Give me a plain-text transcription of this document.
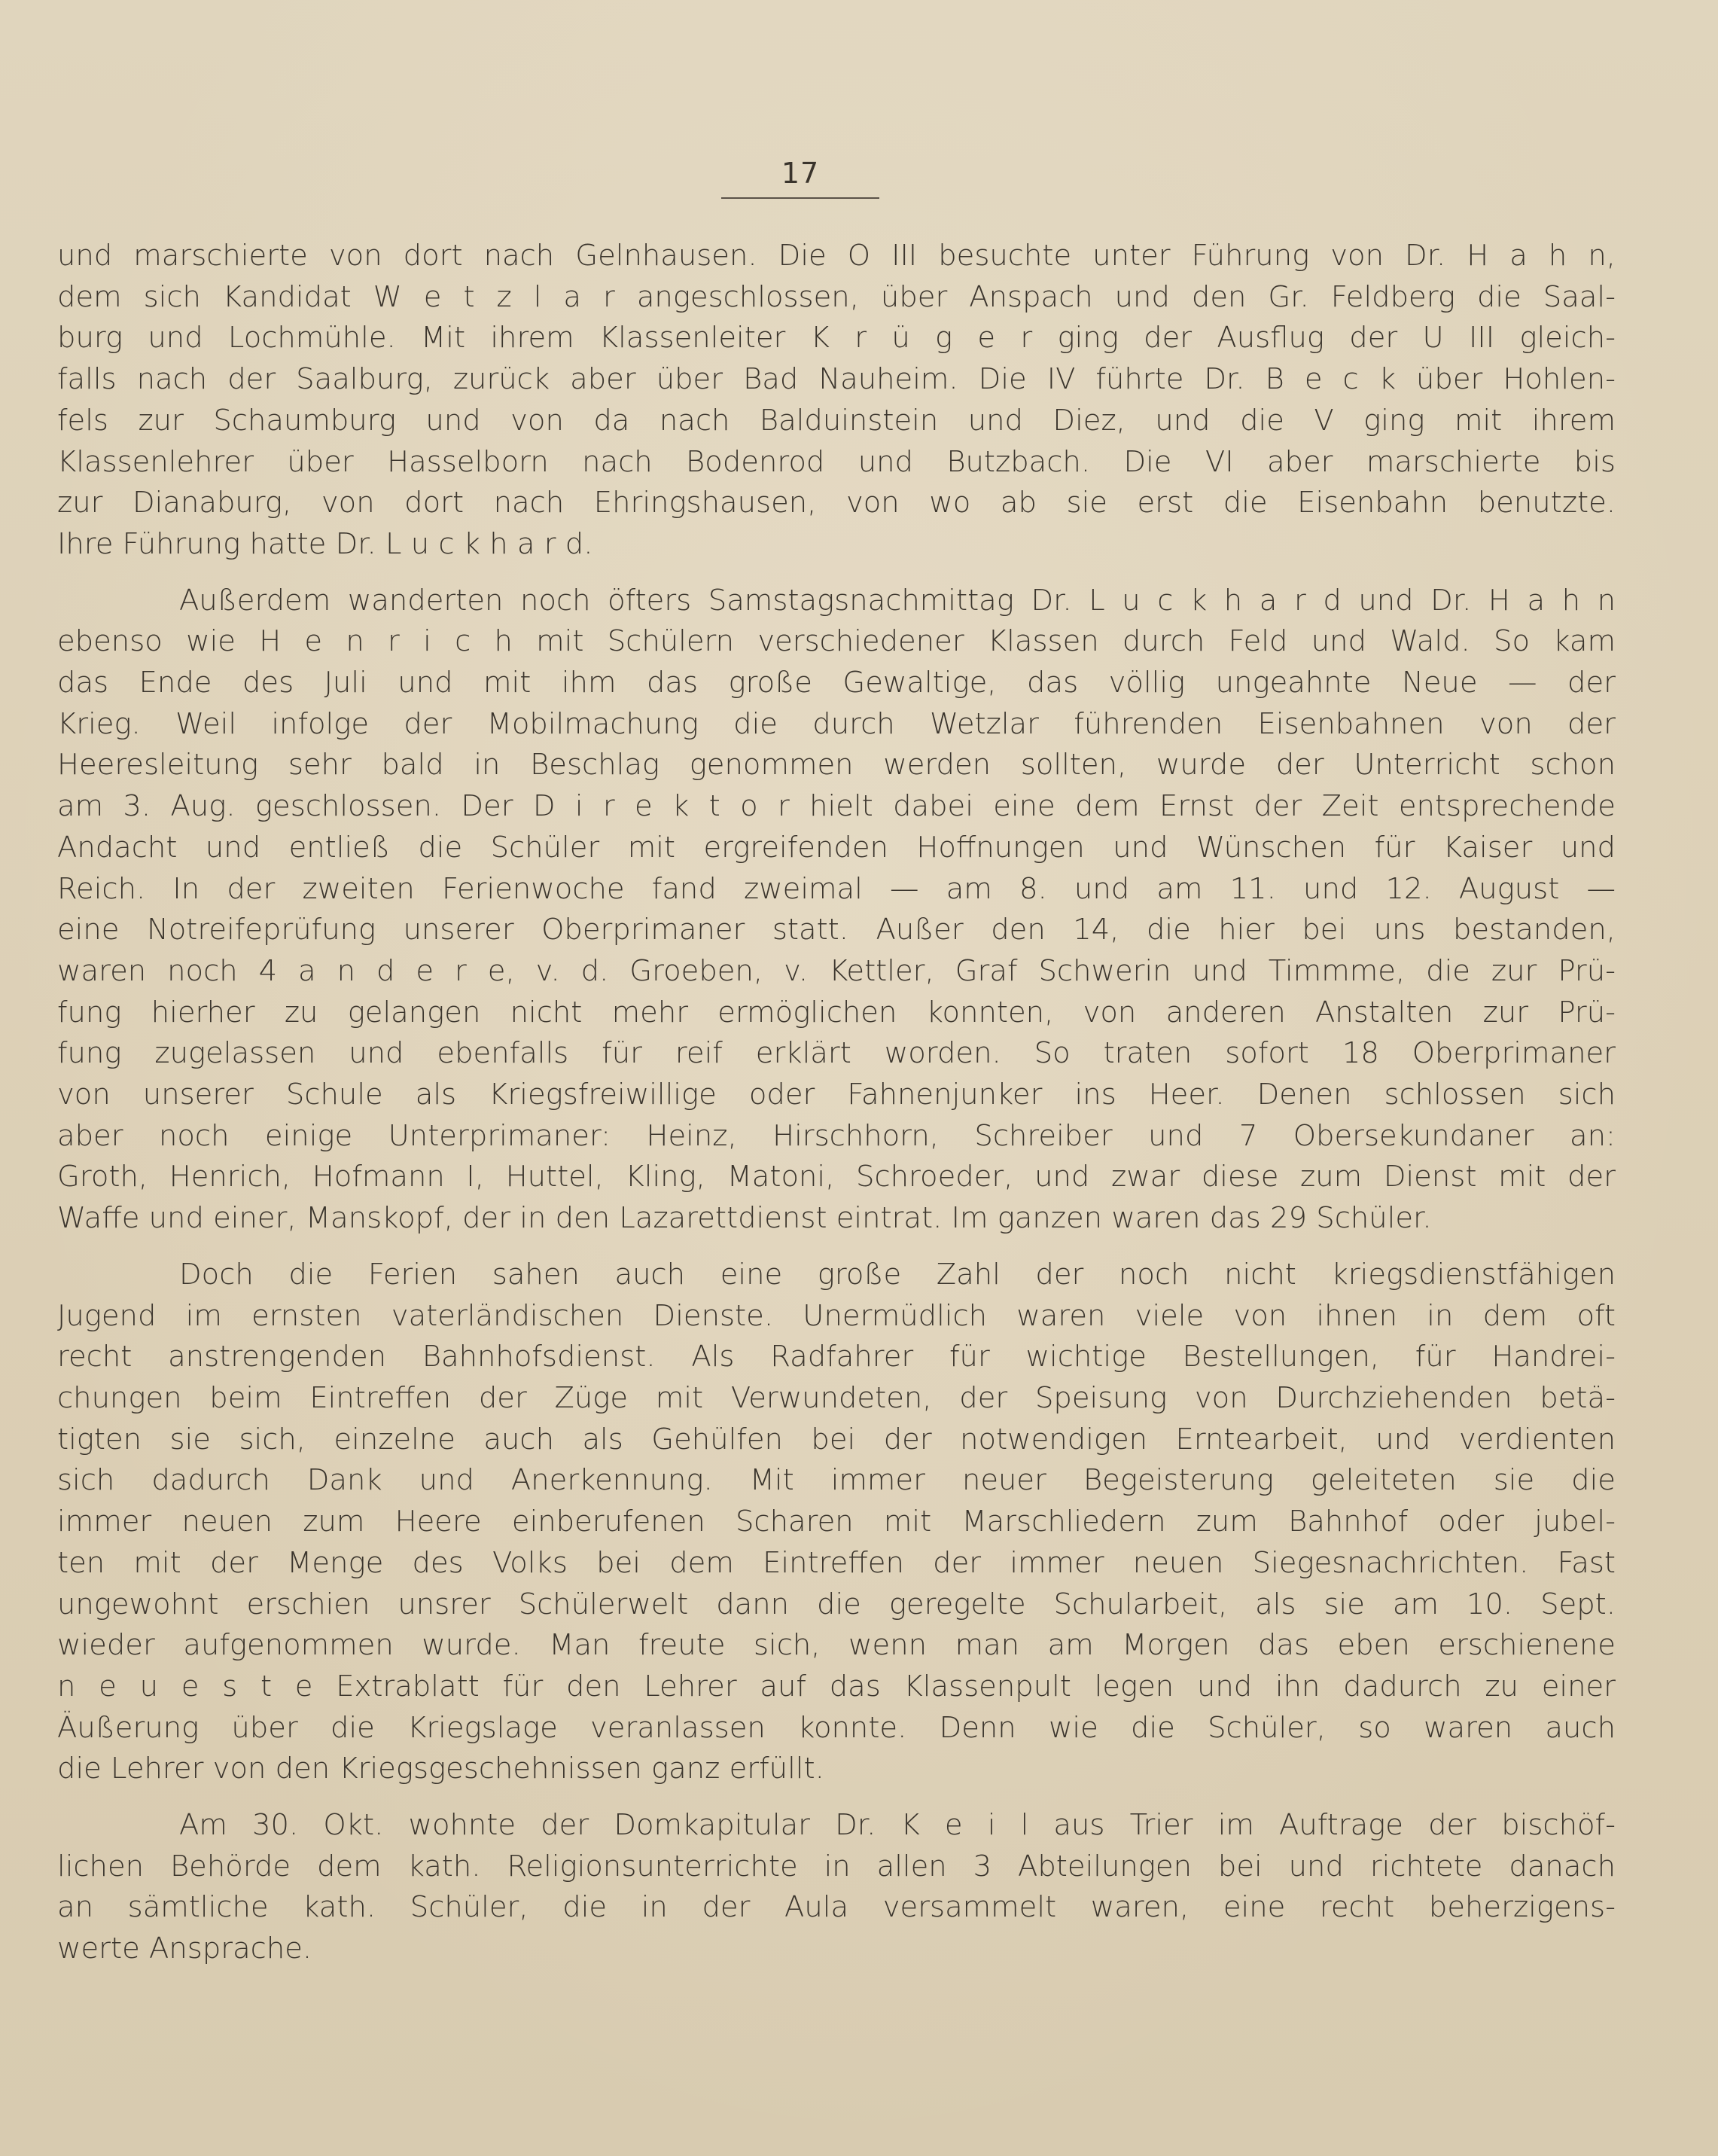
17
und marschierte von dort nach Gelnhausen. Die O III besuchte unter Führung von Dr. H a h n,
dem sich Kandidat W e t z l a r angeschlossen, über Anspach und den Gr. Feldberg die Saal-
burg und Lochmühle. Mit ihrem Klassenleiter K r ü g e r ging der Ausflug der U III gleich-
falls nach der Saalburg, zurück aber über Bad Nauheim. Die IV führte Dr. B e c k über Hohlen-
fels zur Schaumburg und von da nach Balduinstein und Diez, und die V ging mit ihrem
Klassenlehrer über Hasselborn nach Bodenrod und Butzbach. Die VI aber marschierte bis
zur Dianaburg, von dort nach Ehringshausen, von wo ab sie erst die Eisenbahn benutzte.
Ihre Führung hatte Dr. L u c k h a r d.
Außerdem wanderten noch öfters Samstagsnachmittag Dr. L u c k h a r d und Dr. H a h n
ebenso wie H e n r i c h mit Schülern verschiedener Klassen durch Feld und Wald. So kam
das Ende des Juli und mit ihm das große Gewaltige, das völlig ungeahnte Neue — der
Krieg. Weil infolge der Mobilmachung die durch Wetzlar führenden Eisenbahnen von der
Heeresleitung sehr bald in Beschlag genommen werden sollten, wurde der Unterricht schon
am 3. Aug. geschlossen. Der D i r e k t o r hielt dabei eine dem Ernst der Zeit entsprechende
Andacht und entließ die Schüler mit ergreifenden Hoffnungen und Wünschen für Kaiser und
Reich. In der zweiten Ferienwoche fand zweimal — am 8. und am 11. und 12. August —
eine Notreifeprüfung unserer Oberprimaner statt. Außer den 14, die hier bei uns bestanden,
waren noch 4 a n d e r e, v. d. Groeben, v. Kettler, Graf Schwerin und Timmme, die zur Prü-
fung hierher zu gelangen nicht mehr ermöglichen konnten, von anderen Anstalten zur Prü-
fung zugelassen und ebenfalls für reif erklärt worden. So traten sofort 18 Oberprimaner
von unserer Schule als Kriegsfreiwillige oder Fahnenjunker ins Heer. Denen schlossen sich
aber noch einige Unterprimaner: Heinz, Hirschhorn, Schreiber und 7 Obersekundaner an:
Groth, Henrich, Hofmann I, Huttel, Kling, Matoni, Schroeder, und zwar diese zum Dienst mit der
Waffe und einer, Manskopf, der in den Lazarettdienst eintrat. Im ganzen waren das 29 Schüler.
Doch die Ferien sahen auch eine große Zahl der noch nicht kriegsdienstfähigen
Jugend im ernsten vaterländischen Dienste. Unermüdlich waren viele von ihnen in dem oft
recht anstrengenden Bahnhofsdienst. Als Radfahrer für wichtige Bestellungen, für Handrei-
chungen beim Eintreffen der Züge mit Verwundeten, der Speisung von Durchziehenden betä-
tigten sie sich, einzelne auch als Gehülfen bei der notwendigen Erntearbeit, und verdienten
sich dadurch Dank und Anerkennung. Mit immer neuer Begeisterung geleiteten sie die
immer neuen zum Heere einberufenen Scharen mit Marschliedern zum Bahnhof oder jubel-
ten mit der Menge des Volks bei dem Eintreffen der immer neuen Siegesnachrichten. Fast
ungewohnt erschien unsrer Schülerwelt dann die geregelte Schularbeit, als sie am 10. Sept.
wieder aufgenommen wurde. Man freute sich, wenn man am Morgen das eben erschienene
n e u e s t e Extrablatt für den Lehrer auf das Klassenpult legen und ihn dadurch zu einer
Äußerung über die Kriegslage veranlassen konnte. Denn wie die Schüler, so waren auch
die Lehrer von den Kriegsgeschehnissen ganz erfüllt.
Am 30. Okt. wohnte der Domkapitular Dr. K e i l aus Trier im Auftrage der bischöf-
lichen Behörde dem kath. Religionsunterrichte in allen 3 Abteilungen bei und richtete danach
an sämtliche kath. Schüler, die in der Aula versammelt waren, eine recht beherzigens-
werte Ansprache.
